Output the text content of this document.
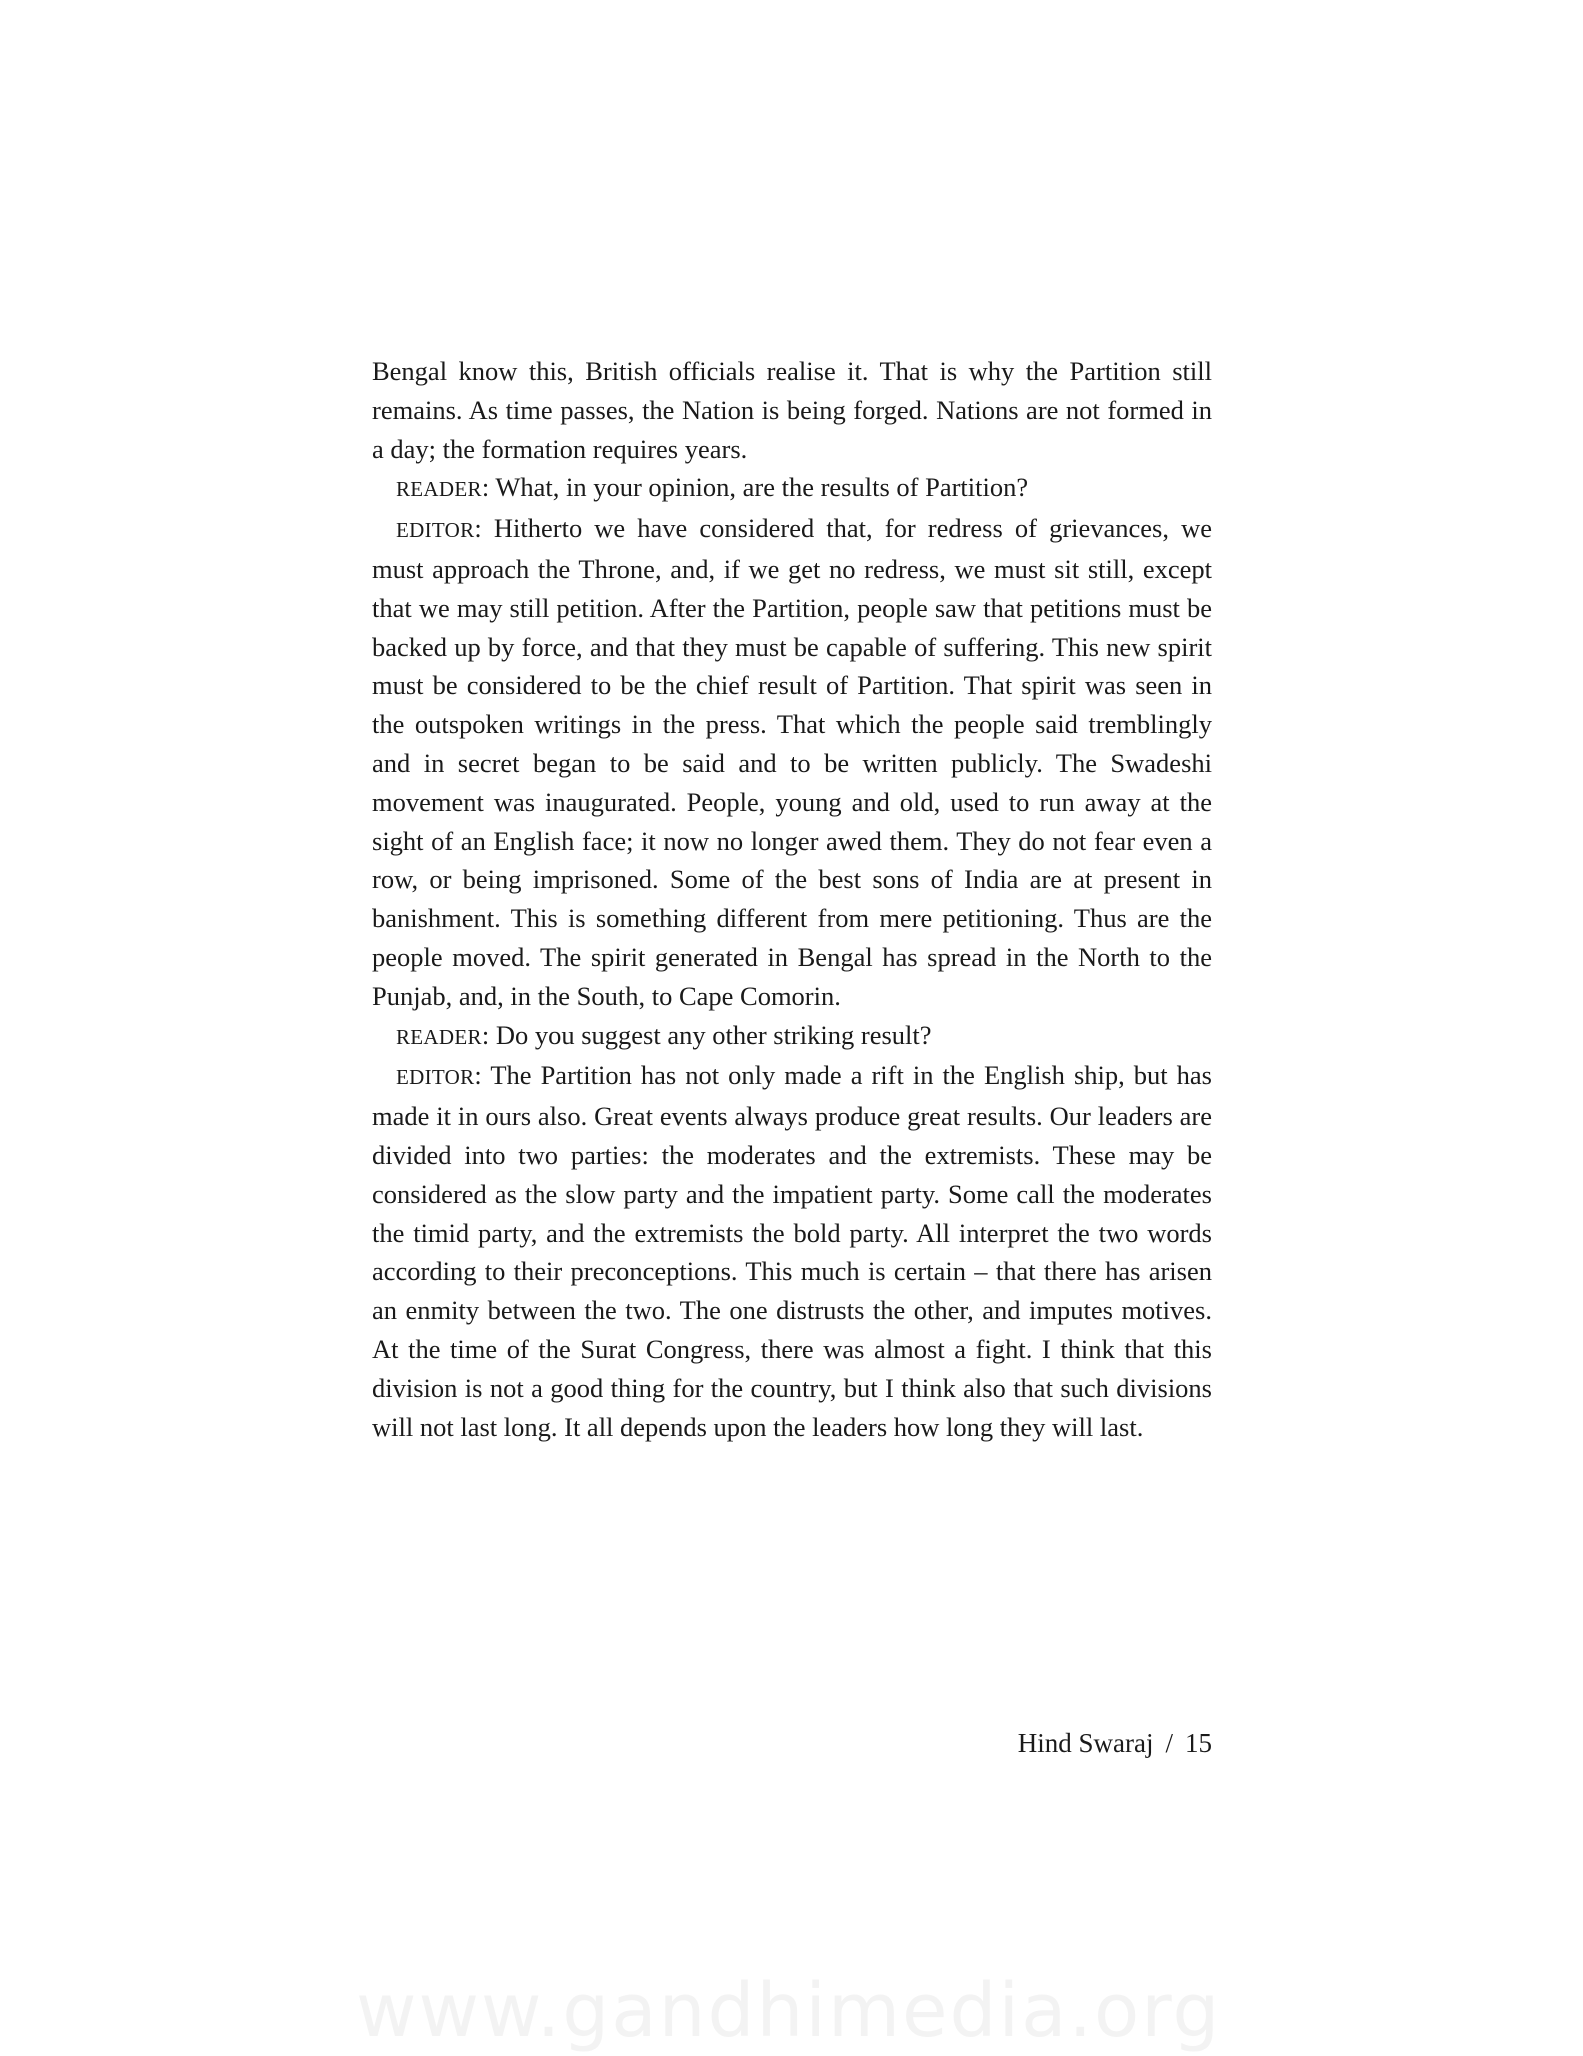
Bengal know this, British officials realise it. That is why the Partition still remains. As time passes, the Nation is being forged. Nations are not formed in a day; the formation requires years.

READER: What, in your opinion, are the results of Partition?

EDITOR: Hitherto we have considered that, for redress of grievances, we must approach the Throne, and, if we get no redress, we must sit still, except that we may still petition. After the Partition, people saw that petitions must be backed up by force, and that they must be capable of suffering. This new spirit must be considered to be the chief result of Partition. That spirit was seen in the outspoken writings in the press. That which the people said tremblingly and in secret began to be said and to be written publicly. The Swadeshi movement was inaugurated. People, young and old, used to run away at the sight of an English face; it now no longer awed them. They do not fear even a row, or being imprisoned. Some of the best sons of India are at present in banishment. This is something different from mere petitioning. Thus are the people moved. The spirit generated in Bengal has spread in the North to the Punjab, and, in the South, to Cape Comorin.

READER: Do you suggest any other striking result?

EDITOR: The Partition has not only made a rift in the English ship, but has made it in ours also. Great events always produce great results. Our leaders are divided into two parties: the moderates and the extremists. These may be considered as the slow party and the impatient party. Some call the moderates the timid party, and the extremists the bold party. All interpret the two words according to their preconceptions. This much is certain – that there has arisen an enmity between the two. The one distrusts the other, and imputes motives. At the time of the Surat Congress, there was almost a fight. I think that this division is not a good thing for the country, but I think also that such divisions will not last long. It all depends upon the leaders how long they will last.

Hind Swaraj / 15
www.gandhimedia.org
